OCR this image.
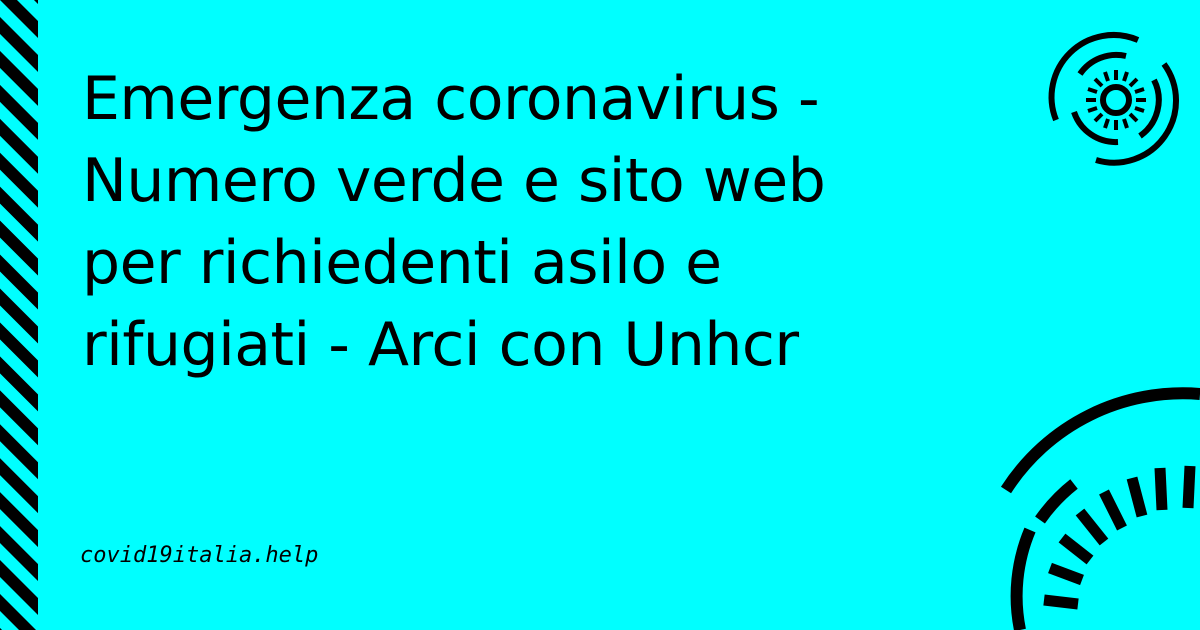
Emergenza coronavirus -
Numero verde e sito web
per richiedenti asilo e
rifugiati - Arci con Unhcr
covid19italia.help
